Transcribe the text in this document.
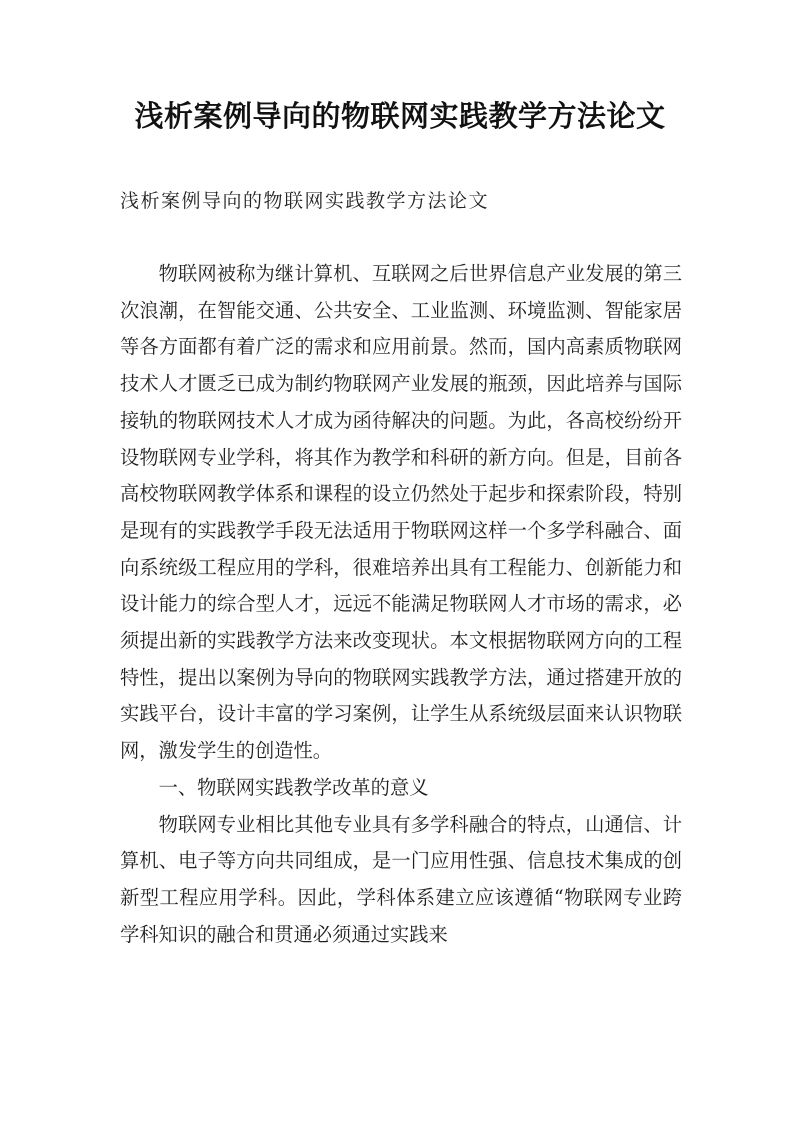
浅析案例导向的物联网实践教学方法论文

浅析案例导向的物联网实践教学方法论文

物联网被称为继计算机、互联网之后世界信息产业发展的第三次浪潮，在智能交通、公共安全、工业监测、环境监测、智能家居等各方面都有着广泛的需求和应用前景。然而，国内高素质物联网技术人才匮乏已成为制约物联网产业发展的瓶颈，因此培养与国际接轨的物联网技术人才成为函待解决的问题。为此，各高校纷纷开设物联网专业学科，将其作为教学和科研的新方向。但是，目前各高校物联网教学体系和课程的设立仍然处于起步和探索阶段，特别是现有的实践教学手段无法适用于物联网这样一个多学科融合、面向系统级工程应用的学科，很难培养出具有工程能力、创新能力和设计能力的综合型人才，远远不能满足物联网人才市场的需求，必须提出新的实践教学方法来改变现状。本文根据物联网方向的工程特性，提出以案例为导向的物联网实践教学方法，通过搭建开放的实践平台，设计丰富的学习案例，让学生从系统级层面来认识物联网，激发学生的创造性。

一、物联网实践教学改革的意义

物联网专业相比其他专业具有多学科融合的特点，山通信、计算机、电子等方向共同组成，是一门应用性强、信息技术集成的创新型工程应用学科。因此，学科体系建立应该遵循“物联网专业跨学科知识的融合和贯通必须通过实践来
